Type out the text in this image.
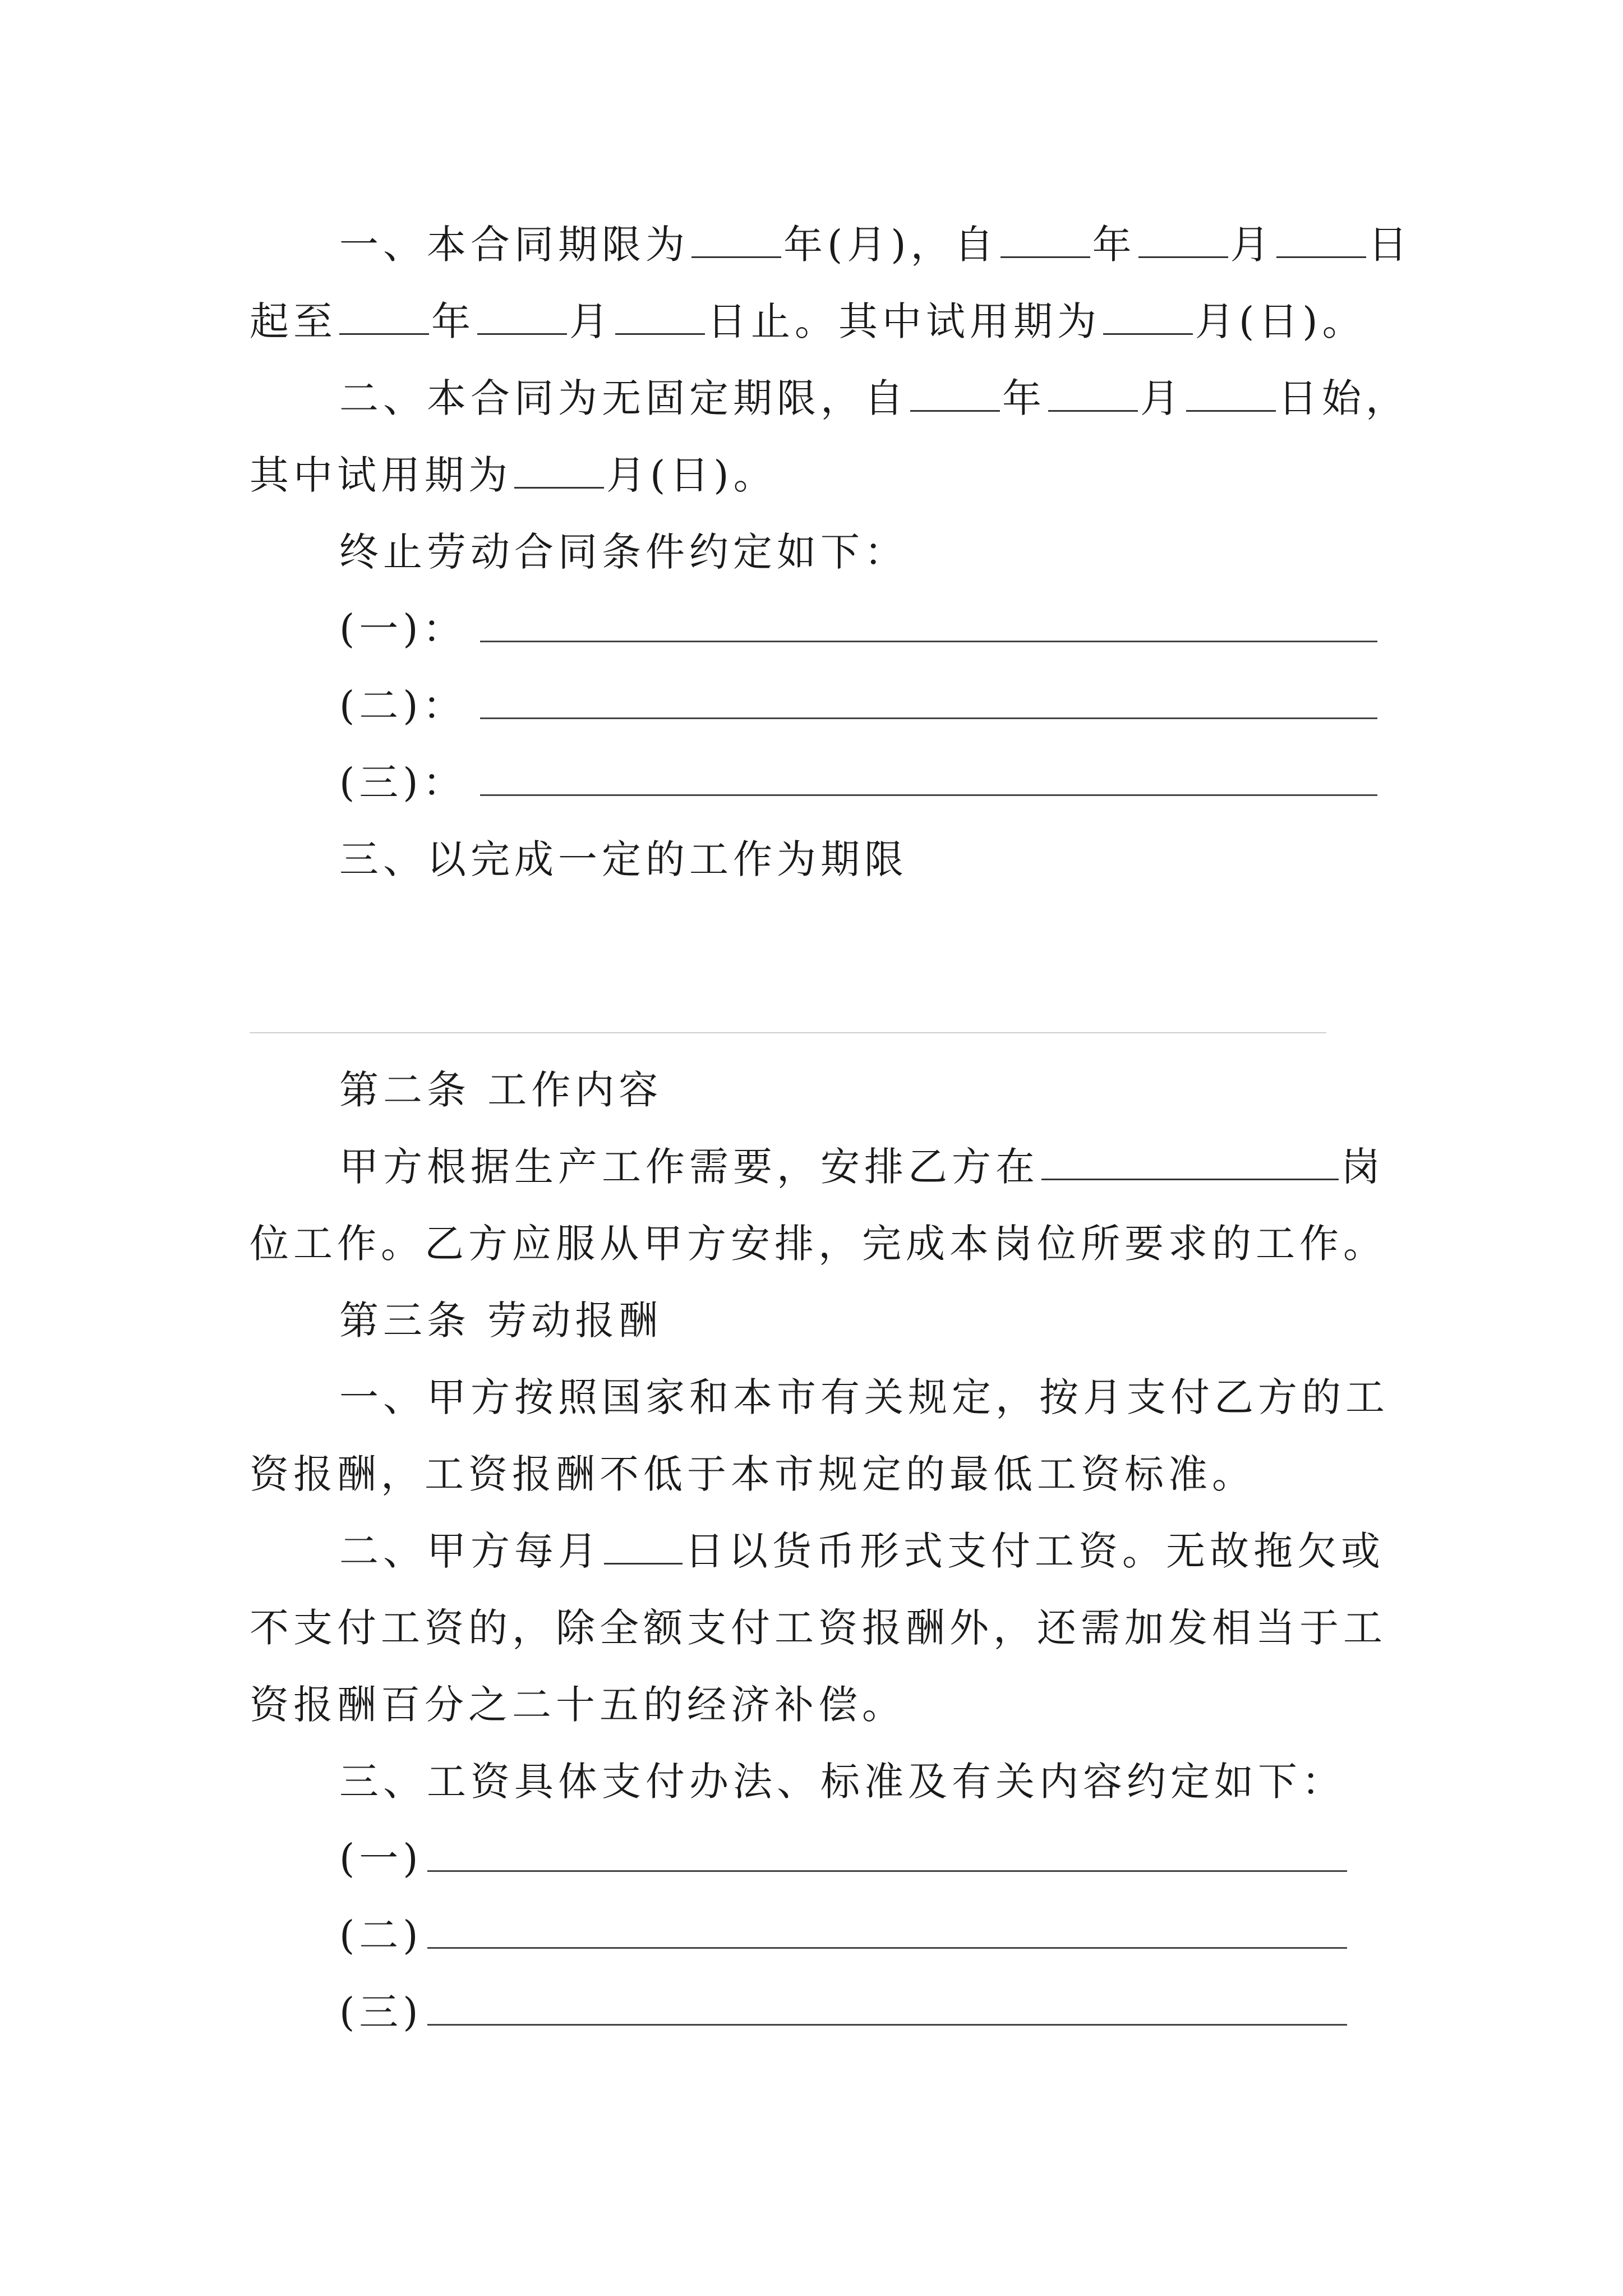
一、本合同期限为 年(月)，自 年 月 日
起至 年 月 日止。其中试用期为 月(日)。
二、本合同为无固定期限，自 年 月 日始，
其中试用期为 月(日)。
终止劳动合同条件约定如下：
(一)：
(二)：
(三)：
三、以完成一定的工作为期限
第二条 工作内容
甲方根据生产工作需要，安排乙方在	岗
位工作。乙方应服从甲方安排，完成本岗位所要求的工作。
第三条 劳动报酬
一、甲方按照国家和本市有关规定，按月支付乙方的工
资报酬，工资报酬不低于本市规定的最低工资标准。
二、甲方每月 日以货币形式支付工资。无故拖欠或
不支付工资的，除全额支付工资报酬外，还需加发相当于工
资报酬百分之二十五的经济补偿。
三、工资具体支付办法、标准及有关内容约定如下：
(一)
(二)
(三)
